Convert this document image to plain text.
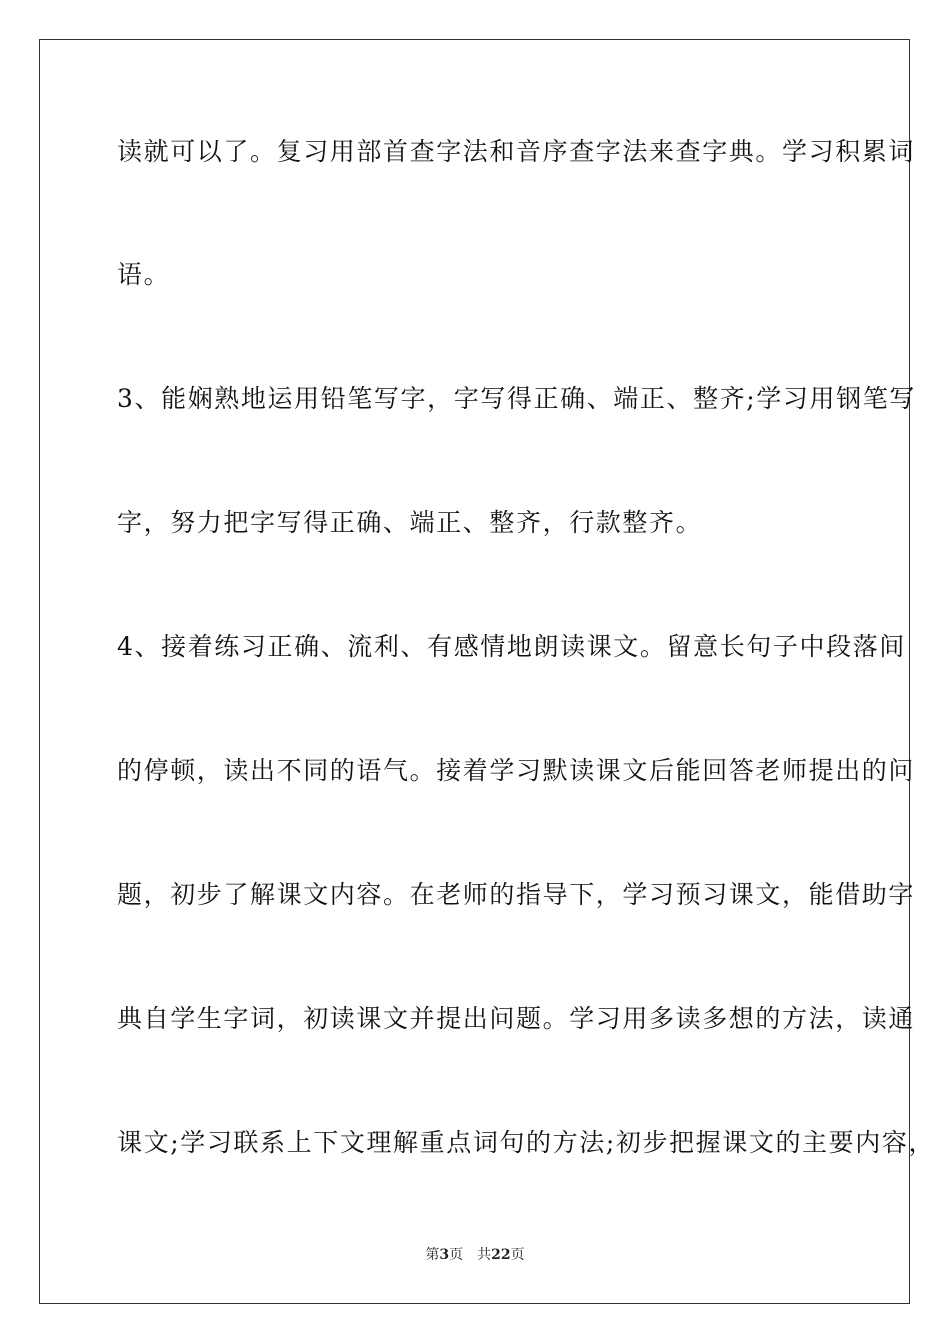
读就可以了。复习用部首查字法和音序查字法来查字典。学习积累词
语。
3、能娴熟地运用铅笔写字，字写得正确、端正、整齐;学习用钢笔写
字，努力把字写得正确、端正、整齐，行款整齐。
4、接着练习正确、流利、有感情地朗读课文。留意长句子中段落间
的停顿，读出不同的语气。接着学习默读课文后能回答老师提出的问
题，初步了解课文内容。在老师的指导下，学习预习课文，能借助字
典自学生字词，初读课文并提出问题。学习用多读多想的方法，读通
课文;学习联系上下文理解重点词句的方法;初步把握课文的主要内容，
第3页 共22页
